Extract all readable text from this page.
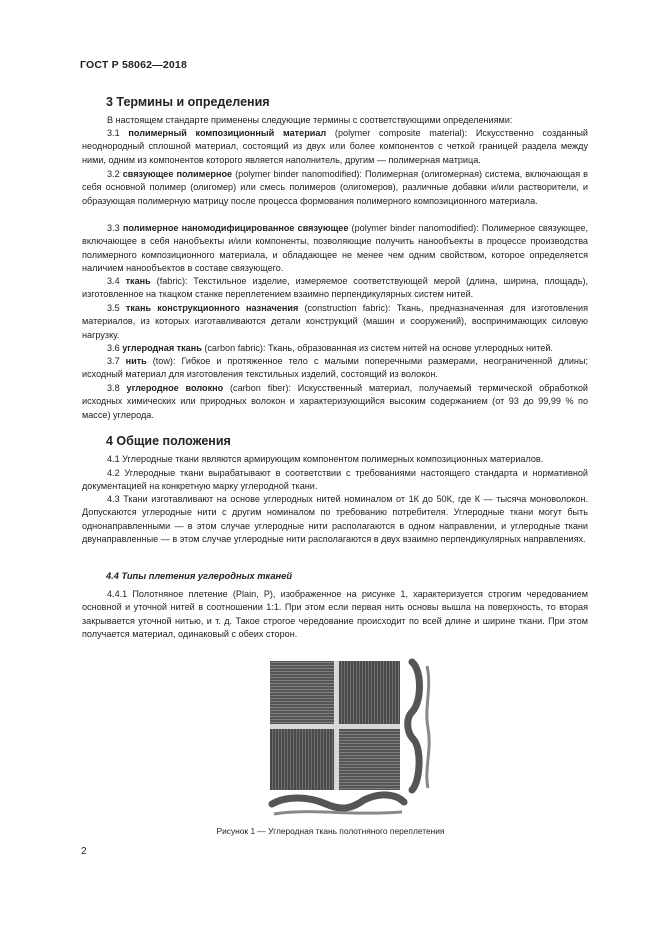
ГОСТ Р 58062—2018
3 Термины и определения

В настоящем стандарте применены следующие термины с соответствующими определениями:

3.1 полимерный композиционный материал (polymer composite material): Искусственно созданный неоднородный сплошной материал, состоящий из двух или более компонентов с четкой границей раздела между ними, одним из компонентов которого является наполнитель, другим — полимерная матрица.

3.2 связующее полимерное (polymer binder nanomodified): Полимерная (олигомерная) система, включающая в себя основной полимер (олигомер) или смесь полимеров (олигомеров), различные добавки и/или растворители, и образующая полимерную матрицу после процесса формования полимерного композиционного материала.

3.3 полимерное наномодифицированное связующее (polymer binder nanomodified): Полимерное связующее, включающее в себя нанобъекты и/или компоненты, позволяющие получить нанообъекты в процессе производства полимерного композиционного материала, и обладающее не менее чем одним свойством, которое определяется наличием нанообъектов в составе связующего.

3.4 ткань (fabric): Текстильное изделие, измеряемое соответствующей мерой (длина, ширина, площадь), изготовленное на ткацком станке переплетением взаимно перпендикулярных систем нитей.

3.5 ткань конструкционного назначения (construction fabric): Ткань, предназначенная для изготовления материалов, из которых изготавливаются детали конструкций (машин и сооружений), воспринимающих силовую нагрузку.

3.6 углеродная ткань (carbon fabric): Ткань, образованная из систем нитей на основе углеродных нитей.

3.7 нить (tow): Гибкое и протяженное тело с малыми поперечными размерами, неограниченной длины; исходный материал для изготовления текстильных изделий, состоящий из волокон.

3.8 углеродное волокно (carbon fiber): Искусственный материал, получаемый термической обработкой исходных химических или природных волокон и характеризующийся высоким содержанием (от 93 до 99,99 % по массе) углерода.

4 Общие положения

4.1 Углеродные ткани являются армирующим компонентом полимерных композиционных материалов.

4.2 Углеродные ткани вырабатывают в соответствии с требованиями настоящего стандарта и нормативной документацией на конкретную марку углеродной ткани.

4.3 Ткани изготавливают на основе углеродных нитей номиналом от 1К до 50К, где К — тысяча моноволокон. Допускаются углеродные нити с другим номиналом по требованию потребителя. Углеродные ткани могут быть однонаправленными — в этом случае углеродные нити располагаются в одном направлении, и углеродные ткани двунаправленные — в этом случае углеродные нити располагаются в двух взаимно перпендикулярных направлениях.

4.4 Типы плетения углеродных тканей

4.4.1 Полотняное плетение (Plain, P), изображенное на рисунке 1, характеризуется строгим чередованием основной и уточной нитей в соотношении 1:1. При этом если первая нить основы вышла на поверхность, то вторая закрывается уточной нитью, и т. д. Такое строгое чередование происходит по всей длине и ширине ткани. При этом получается материал, одинаковый с обеих сторон.

Рисунок 1 — Углеродная ткань полотняного переплетения
2
